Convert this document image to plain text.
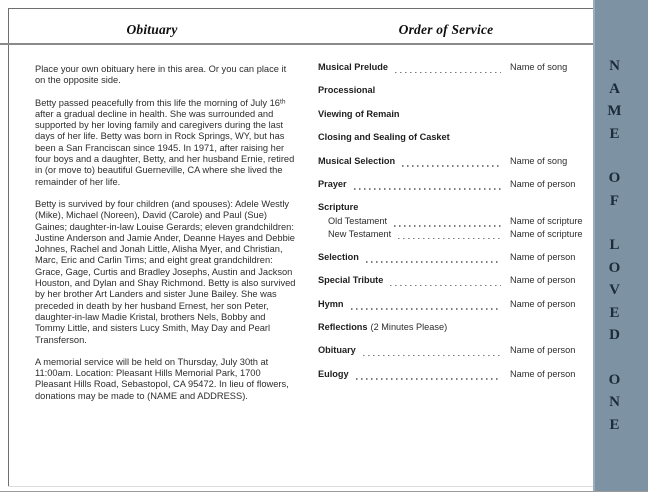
Obituary	Order of Service

Place your own obituary here in this area. Or you can place it on the opposite side.

Betty passed peacefully from this life the morning of July 16ᵗʰ after a gradual decline in health. She was surrounded and supported by her loving family and caregivers during the last days of her life. Betty was born in Rock Springs, WY, but has been a San Franciscan since 1945. In 1971, after raising her four boys and a daughter, Betty, and her husband Ernie, retired in (or move to) beautiful Guerneville, CA where she lived the remainder of her life.

Betty is survived by four children (and spouses): Adele Westly (Mike), Michael (Noreen), David (Carole) and Paul (Sue) Gaines; daughter-in-law Louise Gerards; eleven grandchildren: Justine Anderson and Jamie Ander, Deanne Hayes and Debbie Johnes, Rachel and Jonah Little, Alisha Myer, and Christian, Marc, Eric and Carlin Tims; and eight great grandchildren: Grace, Gage, Curtis and Bradley Josephs, Austin and Jackson Houston, and Dylan and Shay Richmond. Betty is also survived by her brother Art Landers and sister June Bailey. She was preceded in death by her husband Ernest, her son Peter, daughter-in-law Madie Kristal, brothers Nels, Bobby and Tommy Little, and sisters Lucy Smith, May Day and Pearl Transferson.

A memorial service will be held on Thursday, July 30th at 11:00am. Location: Pleasant Hills Memorial Park, 1700 Pleasant Hills Road, Sebastopol, CA 95472. In lieu of flowers, donations may be made to (NAME and ADDRESS).

Musical Prelude	Name of song
Processional
Viewing of Remain
Closing and Sealing of Casket
Musical Selection	Name of song
Prayer	Name of person
Scripture
Old Testament	Name of scripture
New Testament	Name of scripture
Selection	Name of person
Special Tribute	Name of person
Hymn	Name of person
Reflections (2 Minutes Please)
Obituary	Name of person
Eulogy	Name of person
N
A
M
E
O
F
L
O
V
E
D
O
N
E
